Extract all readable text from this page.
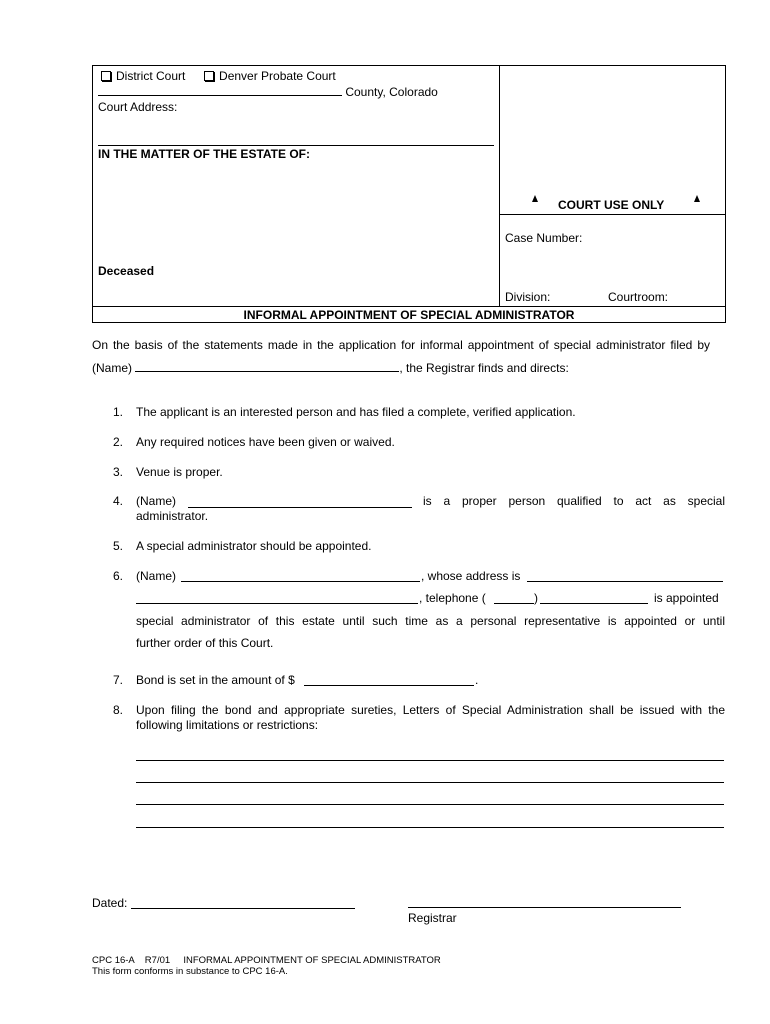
District Court	Denver Probate Court
County, Colorado
Court Address:
IN THE MATTER OF THE ESTATE OF:
Deceased
COURT USE ONLY
Case Number:
Division:	Courtroom:
INFORMAL APPOINTMENT OF SPECIAL ADMINISTRATOR
On the basis of the statements made in the application for informal appointment of special administrator filed by
(Name)	, the Registrar finds and directs:
1. The applicant is an interested person and has filed a complete, verified application.
2. Any required notices have been given or waived.
3. Venue is proper.
4. (Name)	is a proper person qualified to act as special
administrator.
5. A special administrator should be appointed.
6. (Name)	, whose address is
, telephone (	)	is appointed
special administrator of this estate until such time as a personal representative is appointed or until
further order of this Court.
7. Bond is set in the amount of $	.
8. Upon filing the bond and appropriate sureties, Letters of Special Administration shall be issued with the
following limitations or restrictions:
Dated:
Registrar
CPC 16-A    R7/01     INFORMAL APPOINTMENT OF SPECIAL ADMINISTRATOR
This form conforms in substance to CPC 16-A.
